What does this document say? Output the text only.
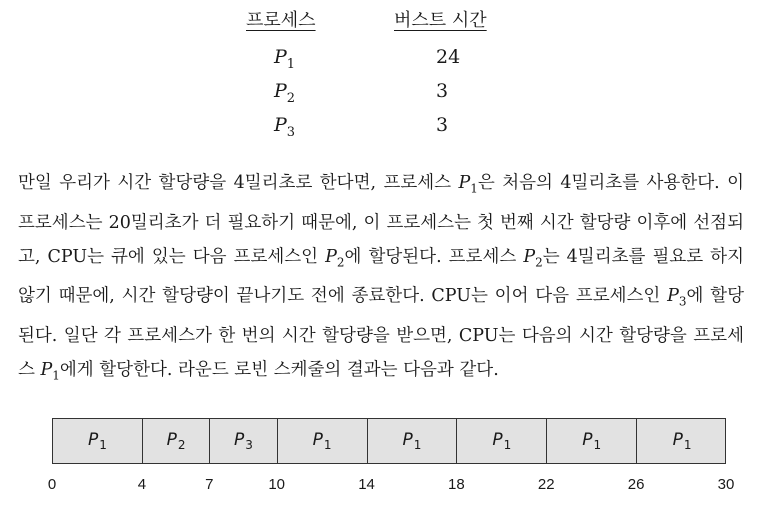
프로세스	버스트 시간
$P_1$	24
$P_2$	3
$P_3$	3

만일 우리가 시간 할당량을 4밀리초로 한다면, 프로세스 $P_1$은 처음의 4밀리초를 사용한다. 이 프로세스는 20밀리초가 더 필요하기 때문에, 이 프로세스는 첫 번째 시간 할당량 이후에 선점되고, CPU는 큐에 있는 다음 프로세스인 $P_2$에 할당된다. 프로세스 $P_2$는 4밀리초를 필요로 하지 않기 때문에, 시간 할당량이 끝나기도 전에 종료한다. CPU는 이어 다음 프로세스인 $P_3$에 할당된다. 일단 각 프로세스가 한 번의 시간 할당량을 받으면, CPU는 다음의 시간 할당량을 프로세스 $P_1$에게 할당한다. 라운드 로빈 스케줄의 결과는 다음과 같다.

$P_1$	$P_2$	$P_3$	$P_1$	$P_1$	$P_1$	$P_1$	$P_1$
0	4	7	10	14	18	22	26	30
